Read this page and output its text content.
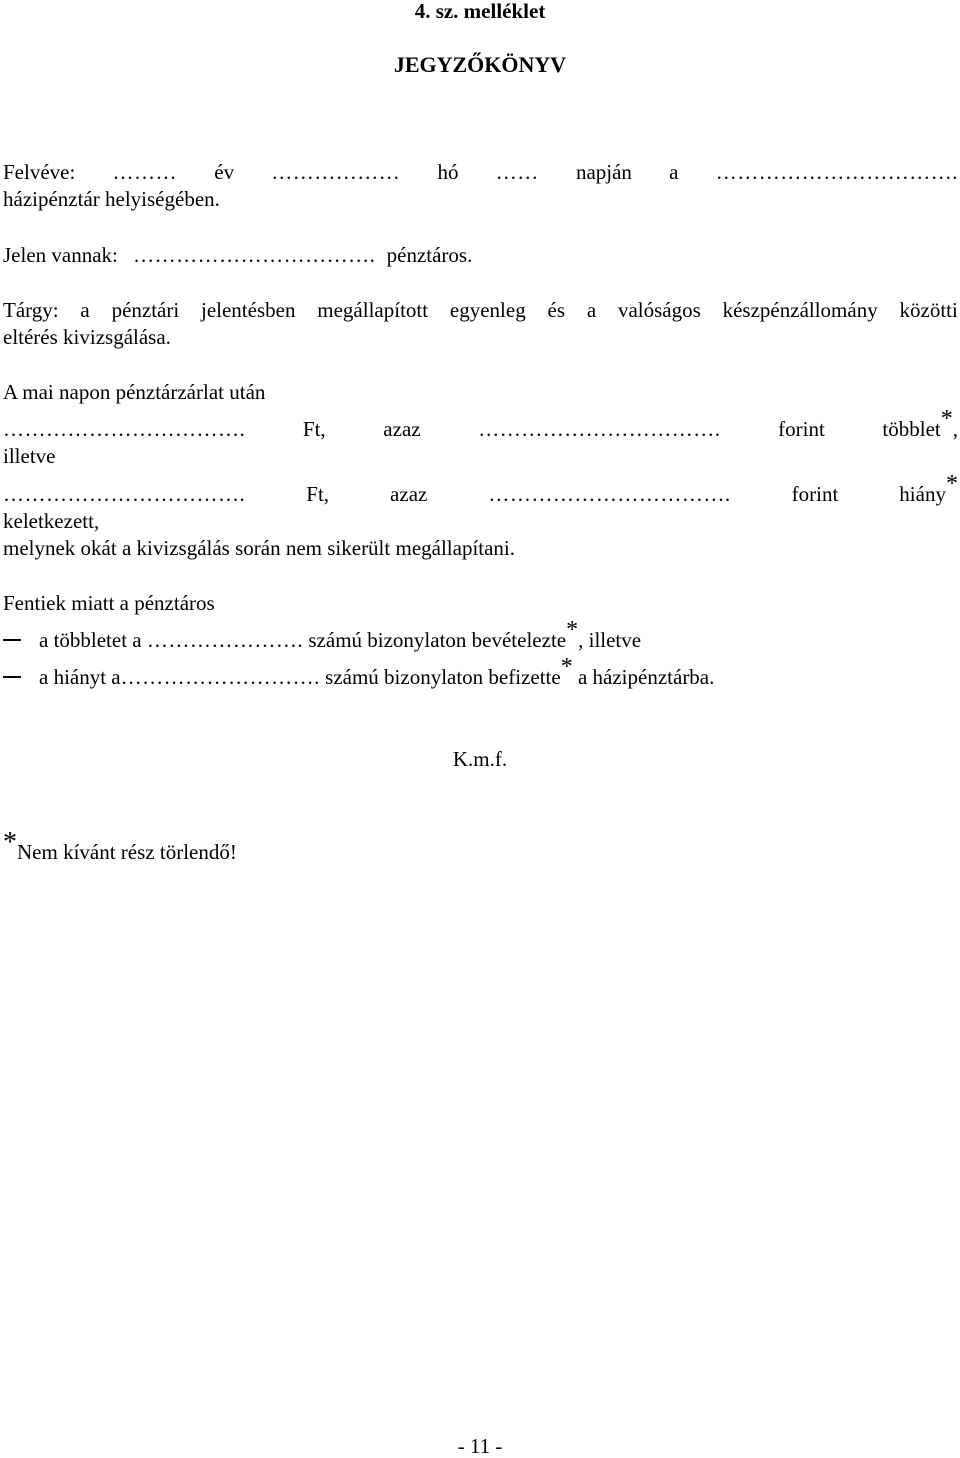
4. sz. melléklet
JEGYZŐKÖNYV
Felvéve: ……… év ……………… hó …… napján a …………………………….
házipénztár helyiségében.
Jelen vannak: ……………………………. pénztáros.
Tárgy: a pénztári jelentésben megállapított egyenleg és a valóságos készpénzállomány közötti
eltérés kivizsgálása.
A mai napon pénztárzárlat után
…………………………….	Ft,	azaz	…………………………….	forint	többlet*,
illetve
…………………………….	Ft,	azaz	…………………………….	forint	hiány*
keletkezett,
melynek okát a kivizsgálás során nem sikerült megállapítani.
Fentiek miatt a pénztáros
a többletet a …………………. számú bizonylaton bevételezte*, illetve
a hiányt a………………………. számú bizonylaton befizette* a házipénztárba.
K.m.f.
*Nem kívánt rész törlendő!
- 11 -
